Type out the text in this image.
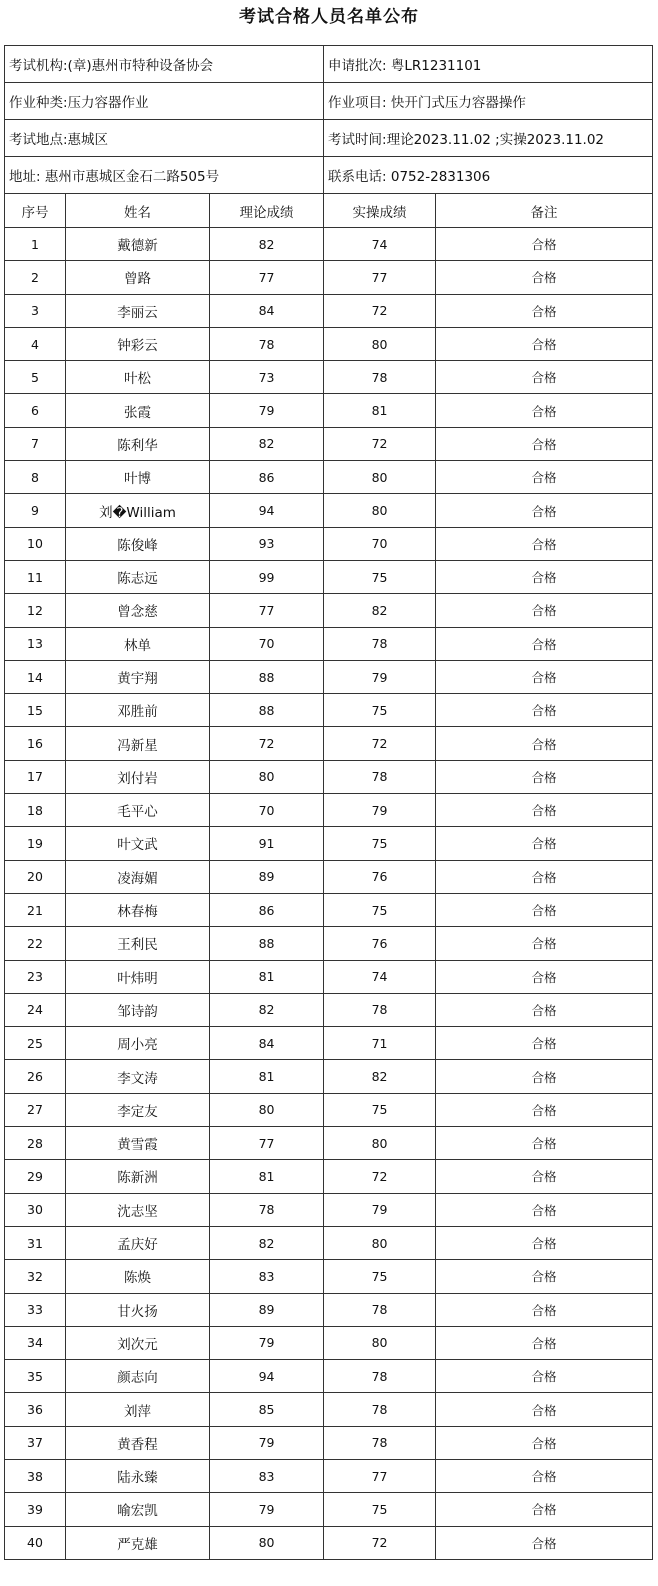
考试合格人员名单公布
考试机构:(章)惠州市特种设备协会			申请批次: 粤LR1231101	
作业种类:压力容器作业			作业项目: 快开门式压力容器操作	
考试地点:惠城区			考试时间:理论2023.11.02 ;实操2023.11.02	
地址: 惠州市惠城区金石二路505号			联系电话: 0752-2831306	
序号	姓名	理论成绩	实操成绩	备注
1	戴德新	82	74	合格
2	曾路	77	77	合格
3	李丽云	84	72	合格
4	钟彩云	78	80	合格
5	叶松	73	78	合格
6	张霞	79	81	合格
7	陈利华	82	72	合格
8	叶博	86	80	合格
9	刘�William	94	80	合格
10	陈俊峰	93	70	合格
11	陈志远	99	75	合格
12	曾念慈	77	82	合格
13	林单	70	78	合格
14	黄宇翔	88	79	合格
15	邓胜前	88	75	合格
16	冯新星	72	72	合格
17	刘付岩	80	78	合格
18	毛平心	70	79	合格
19	叶文武	91	75	合格
20	凌海媚	89	76	合格
21	林春梅	86	75	合格
22	王利民	88	76	合格
23	叶炜明	81	74	合格
24	邹诗韵	82	78	合格
25	周小亮	84	71	合格
26	李文涛	81	82	合格
27	李定友	80	75	合格
28	黄雪霞	77	80	合格
29	陈新洲	81	72	合格
30	沈志坚	78	79	合格
31	孟庆好	82	80	合格
32	陈焕	83	75	合格
33	甘火扬	89	78	合格
34	刘次元	79	80	合格
35	颜志向	94	78	合格
36	刘萍	85	78	合格
37	黄香程	79	78	合格
38	陆永臻	83	77	合格
39	喻宏凯	79	75	合格
40	严克雄	80	72	合格
